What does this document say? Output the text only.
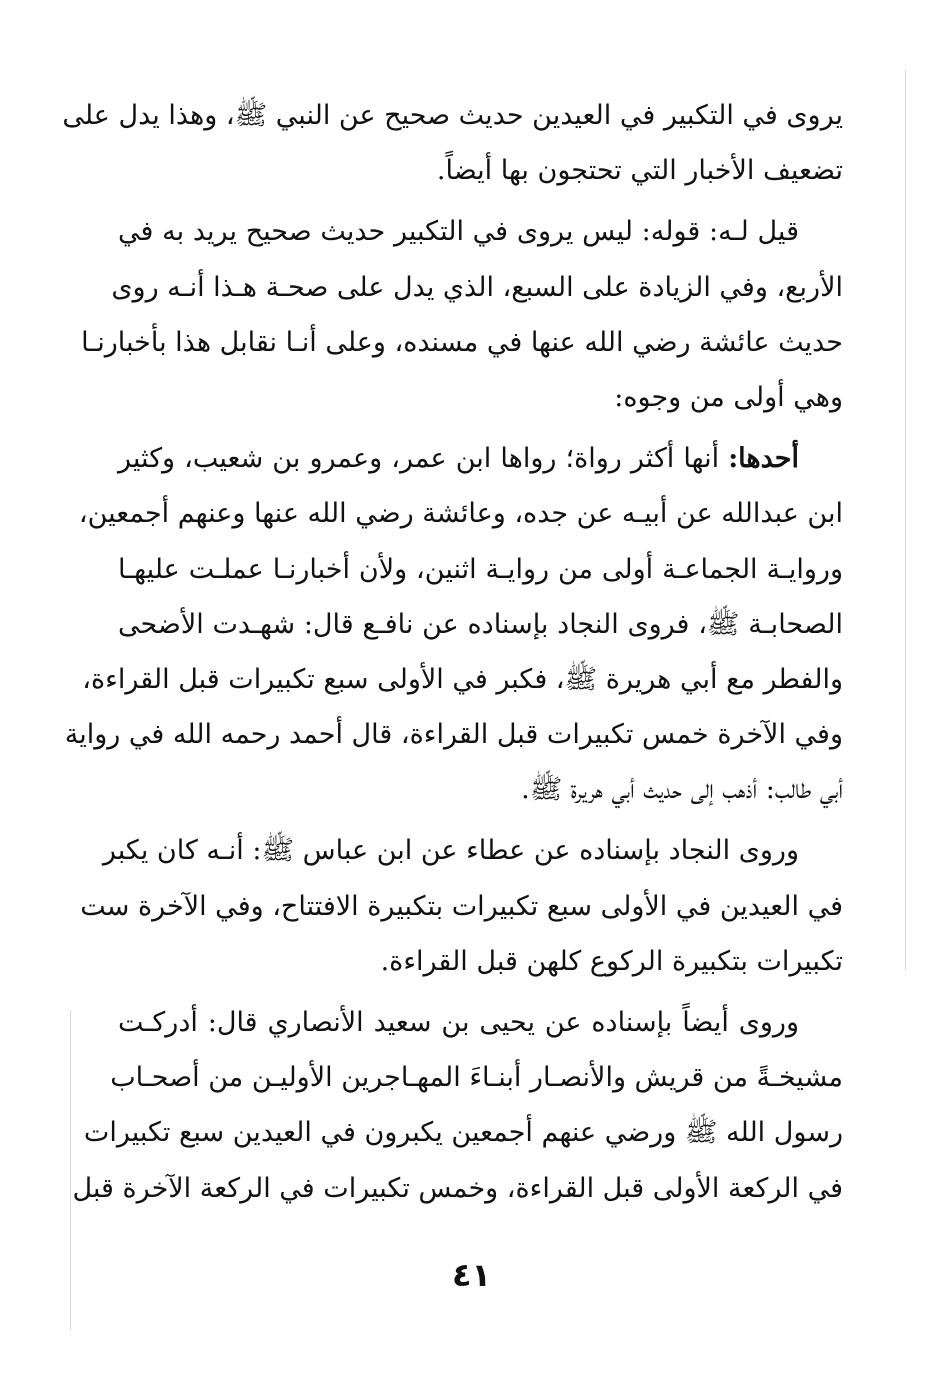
يروى في التكبير في العيدين حديث صحيح عن النبي ﷺ، وهذا يدل على
تضعيف الأخبار التي تحتجون بها أيضاً.
قيل لـه: قوله: ليس يروى في التكبير حديث صحيح يريد به في
الأربع، وفي الزيادة على السبع، الذي يدل على صحـة هـذا أنـه روى
حديث عائشة رضي الله عنها في مسنده، وعلى أنـا نقابل هذا بأخبارنـا
وهي أولى من وجوه:
أحدها: أنها أكثر رواة؛ رواها ابن عمر، وعمرو بن شعيب، وكثير
ابن عبدالله عن أبيـه عن جده، وعائشة رضي الله عنها وعنهم أجمعين،
وروايـة الجماعـة أولى من روايـة اثنين، ولأن أخبارنـا عملـت عليهـا
الصحابـة ﷺ، فروى النجاد بإسناده عن نافـع قال: شهـدت الأضحى
والفطر مع أبي هريرة ﷺ، فكبر في الأولى سبع تكبيرات قبل القراءة،
وفي الآخرة خمس تكبيرات قبل القراءة، قال أحمد رحمه الله في رواية
أبي طالب: أذهب إلى حديث أبي هريرة ﷺ.
وروى النجاد بإسناده عن عطاء عن ابن عباس ﷺ: أنـه كان يكبر
في العيدين في الأولى سبع تكبيرات بتكبيرة الافتتاح، وفي الآخرة ست
تكبيرات بتكبيرة الركوع كلهن قبل القراءة.
وروى أيضاً بإسناده عن يحيى بن سعيد الأنصاري قال: أدركـت
مشيخـةً من قريش والأنصـار أبنـاءَ المهـاجرين الأوليـن من أصحـاب
رسول الله ﷺ ورضي عنهم أجمعين يكبرون في العيدين سبع تكبيرات
في الركعة الأولى قبل القراءة، وخمس تكبيرات في الركعة الآخرة قبل
٤١
